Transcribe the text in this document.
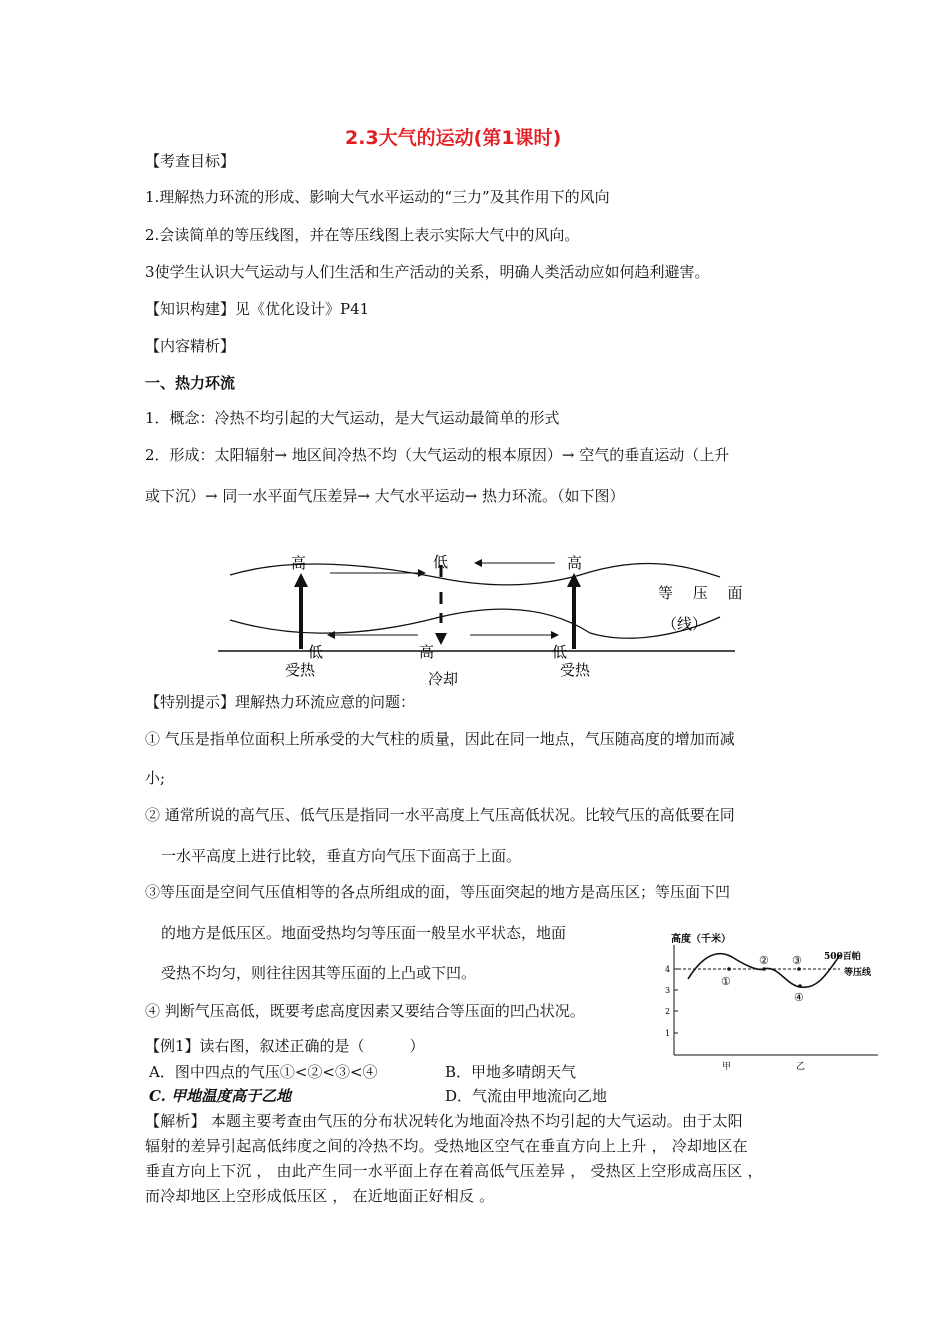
2.3大气的运动(第1课时)
【考查目标】
1.理解热力环流的形成、影响大气水平运动的“三力”及其作用下的风向
2.会读简单的等压线图，并在等压线图上表示实际大气中的风向。
3使学生认识大气运动与人们生活和生产活动的关系，明确人类活动应如何趋利避害。
【知识构建】见《优化设计》P41
【内容精析】
一、热力环流
1．概念：冷热不均引起的大气运动，是大气运动最简单的形式
2．形成：太阳辐射→ 地区间冷热不均（大气运动的根本原因）→ 空气的垂直运动（上升
或下沉）→ 同一水平面气压差异→ 大气水平运动→ 热力环流。（如下图）
高	低	高
低	高	低
受热	冷却	受热
等　 压　 面
（线）
【特别提示】理解热力环流应意的问题：
① 气压是指单位面积上所承受的大气柱的质量，因此在同一地点，气压随高度的增加而减
小;
② 通常所说的高气压、低气压是指同一水平高度上气压高低状况。比较气压的高低要在同
一水平高度上进行比较，垂直方向气压下面高于上面。
③等压面是空间气压值相等的各点所组成的面，等压面突起的地方是高压区；等压面下凹
的地方是低压区。地面受热均匀等压面一般呈水平状态，地面
受热不均匀，则往往因其等压面的上凸或下凹。
④ 判断气压高低，既要考虑高度因素又要结合等压面的凹凸状况。
【例1】读右图，叙述正确的是（　　　）
A．图中四点的气压①<②<③<④	B．甲地多晴朗天气
C. 甲地温度高于乙地	D．气流由甲地流向乙地
高度（千米）
4
3
2
1
500百帕
等压线
①
② ③
④
甲	乙
【解析】 本题主要考查由气压的分布状况转化为地面冷热不均引起的大气运动。由于太阳
辐射的差异引起高低纬度之间的冷热不均。受热地区空气在垂直方向上上升 ， 冷却地区在
垂直方向上下沉 ， 由此产生同一水平面上存在着高低气压差异 ， 受热区上空形成高压区 ，
而冷却地区上空形成低压区 ， 在近地面正好相反 。
